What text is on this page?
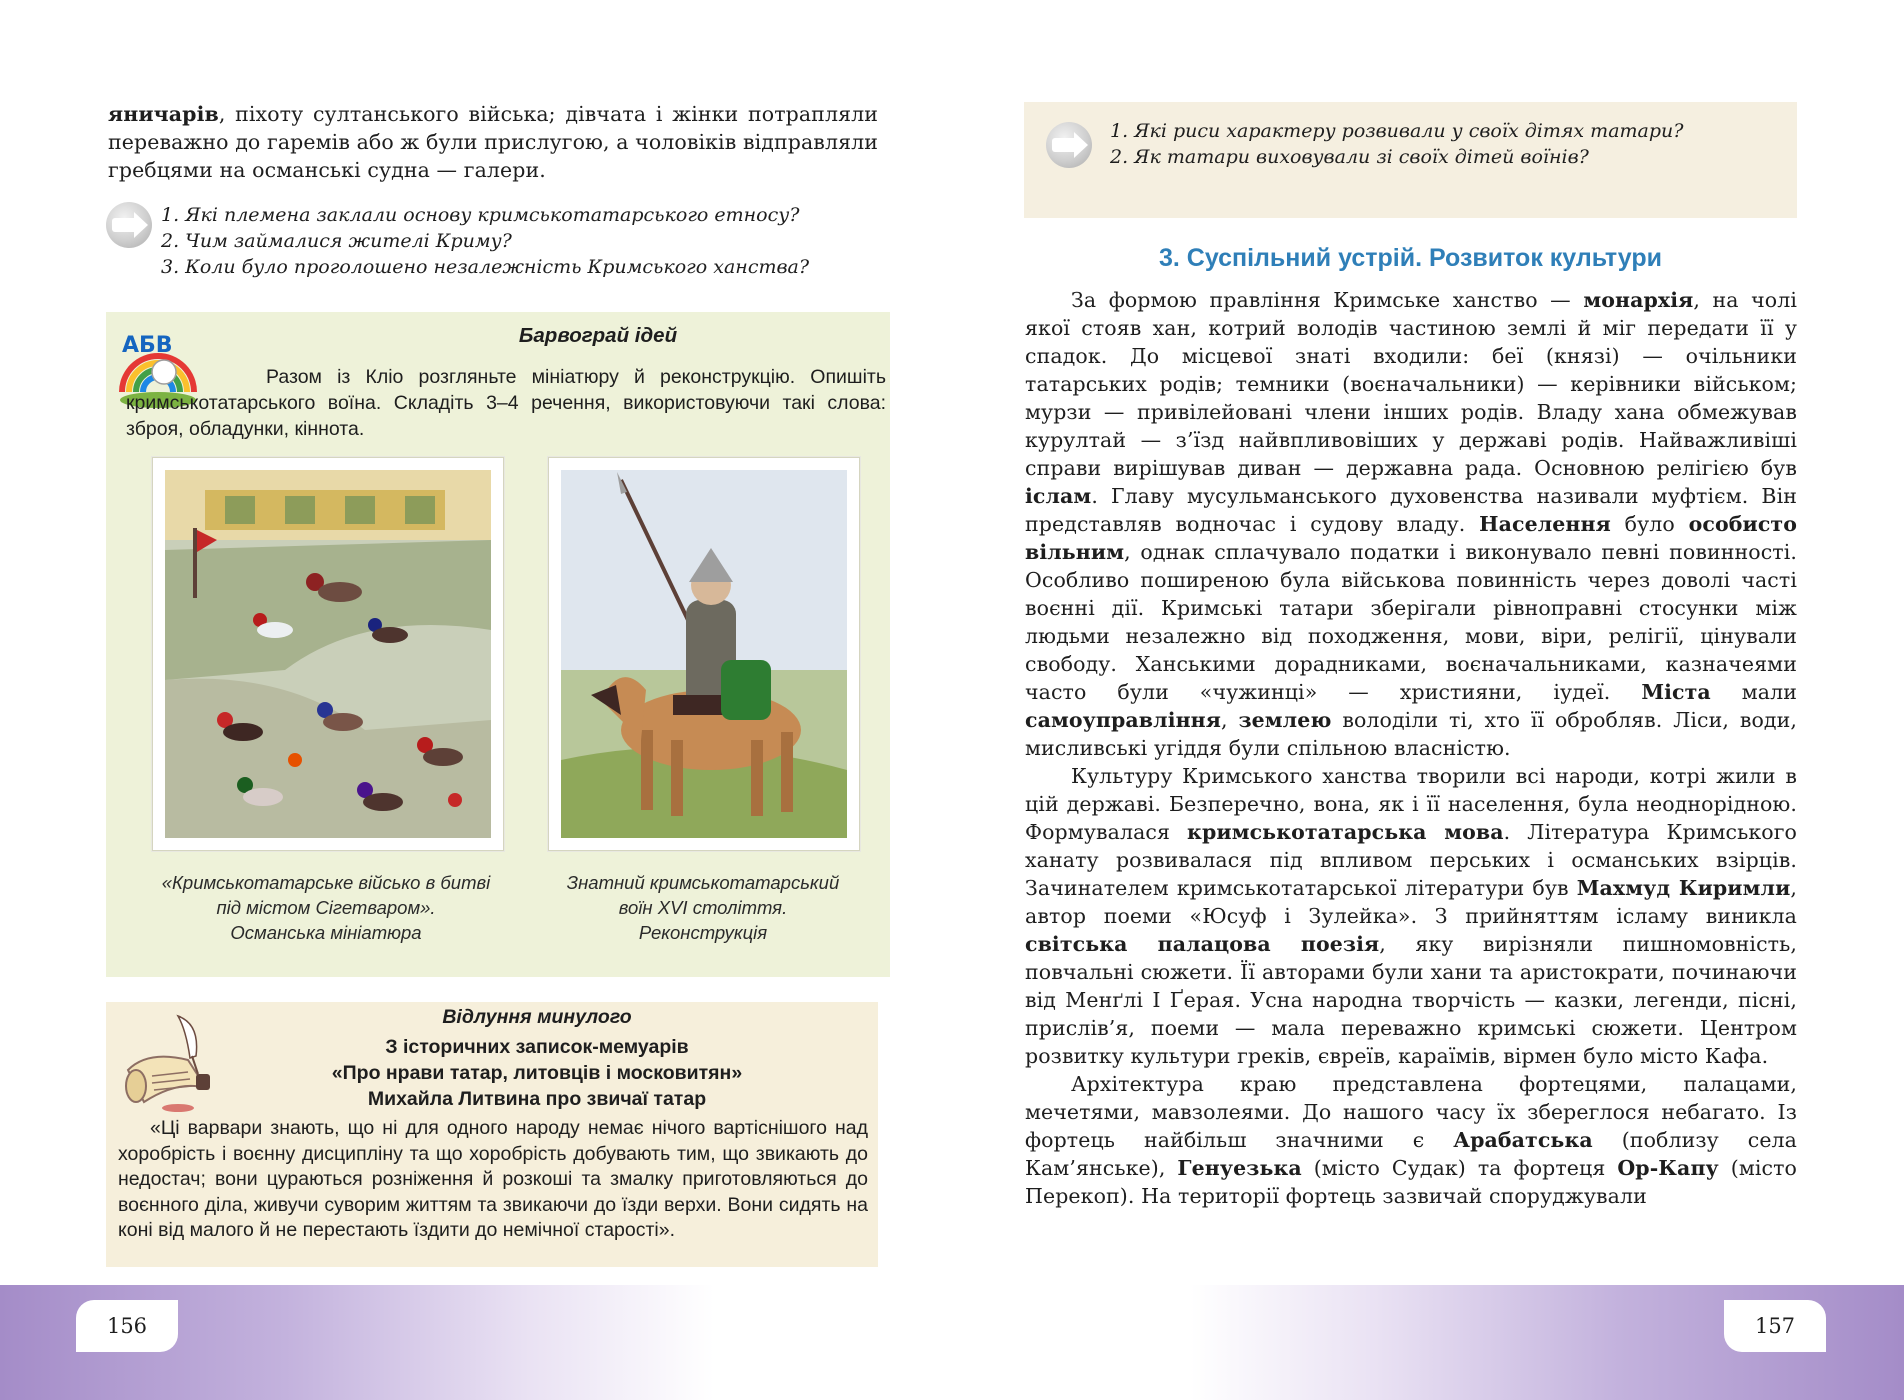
яничарів, піхоту султанського війська; дівчата і жінки потрапляли переважно до гаремів або ж були прислугою, а чоловіків відправляли гребцями на османські судна — галери.

1. Які племена заклали основу кримськотатарського етносу?
2. Чим займалися жителі Криму?
3. Коли було проголошено незалежність Кримського ханства?
АБВ	Барвограй ідей

Разом із Кліо розгляньте мініатюру й реконструкцію. Опишіть кримськотатарського воїна. Складіть 3–4 речення, використовуючи такі слова: зброя, обладунки, кіннота.

«Кримськотатарське військо в битві
під містом Сігетваром».
Османська мініатюра

Знатний кримськотатарський
воїн XVI століття.
Реконструкція

Відлуння минулого
З історичних записок-мемуарів
«Про нрави татар, литовців і московитян»
Михайла Литвина про звичаї татар

«Ці варвари знають, що ні для одного народу немає нічого вартіснішого над хоробрість і воєнну дисципліну та що хоробрість добувають тим, що звикають до недостач; вони цураються розніження й розкоші та змалку приготовляються до воєнного діла, живучи суворим життям та звикаючи до їзди верхи. Вони сидять на коні від малого й не перестають їздити до немічної старості».

1. Які риси характеру розвивали у своїх дітях татари?
2. Як татари виховували зі своїх дітей воїнів?
3. Суспільний устрій. Розвиток культури

За формою правління Кримське ханство — монархія, на чолі якої стояв хан, котрий володів частиною землі й міг передати її у спадок. До місцевої знаті входили: беї (князі) — очільники татарських родів; темники (воєначальники) — керівники військом; мурзи — привілейовані члени інших родів. Владу хана обмежував курултай — з’їзд найвпливовіших у державі родів. Найважливіші справи вирішував диван — державна рада. Основною релігією був іслам. Главу мусульманського духовенства називали муфтієм. Він представляв водночас і судову владу. Населення було особисто вільним, однак сплачувало податки і виконувало певні повинності. Особливо поширеною була військова повинність через доволі часті воєнні дії. Кримські татари зберігали рівноправні стосунки між людьми незалежно від походження, мови, віри, релігії, цінували свободу. Ханськими дорадниками, воєначальниками, казначеями часто були «чужинці» — християни, іудеї. Міста мали самоуправління, землею володіли ті, хто її обробляв. Ліси, води, мисливські угіддя були спільною власністю.

Культуру Кримського ханства творили всі народи, котрі жили в цій державі. Безперечно, вона, як і її населення, була неоднорідною. Формувалася кримськотатарська мова. Література Кримського ханату розвивалася під впливом перських і османських взірців. Зачинателем кримськотатарської літератури був Махмуд Киримли, автор поеми «Юсуф і Зулейка». З прийняттям ісламу виникла світська палацова поезія, яку вирізняли пишномовність, повчальні сюжети. Її авторами були хани та аристократи, починаючи від Менґлі І Ґерая. Усна народна творчість — казки, легенди, пісні, прислів’я, поеми — мала переважно кримські сюжети. Центром розвитку культури греків, євреїв, караїмів, вірмен було місто Кафа.

Архітектура краю представлена фортецями, палацами, мечетями, мавзолеями. До нашого часу їх збереглося небагато. Із фортець найбільш значними є Арабатська (поблизу села Кам’янське), Генуезька (місто Судак) та фортеця Ор-Капу (місто Перекоп). На території фортець зазвичай споруджували

156	157
